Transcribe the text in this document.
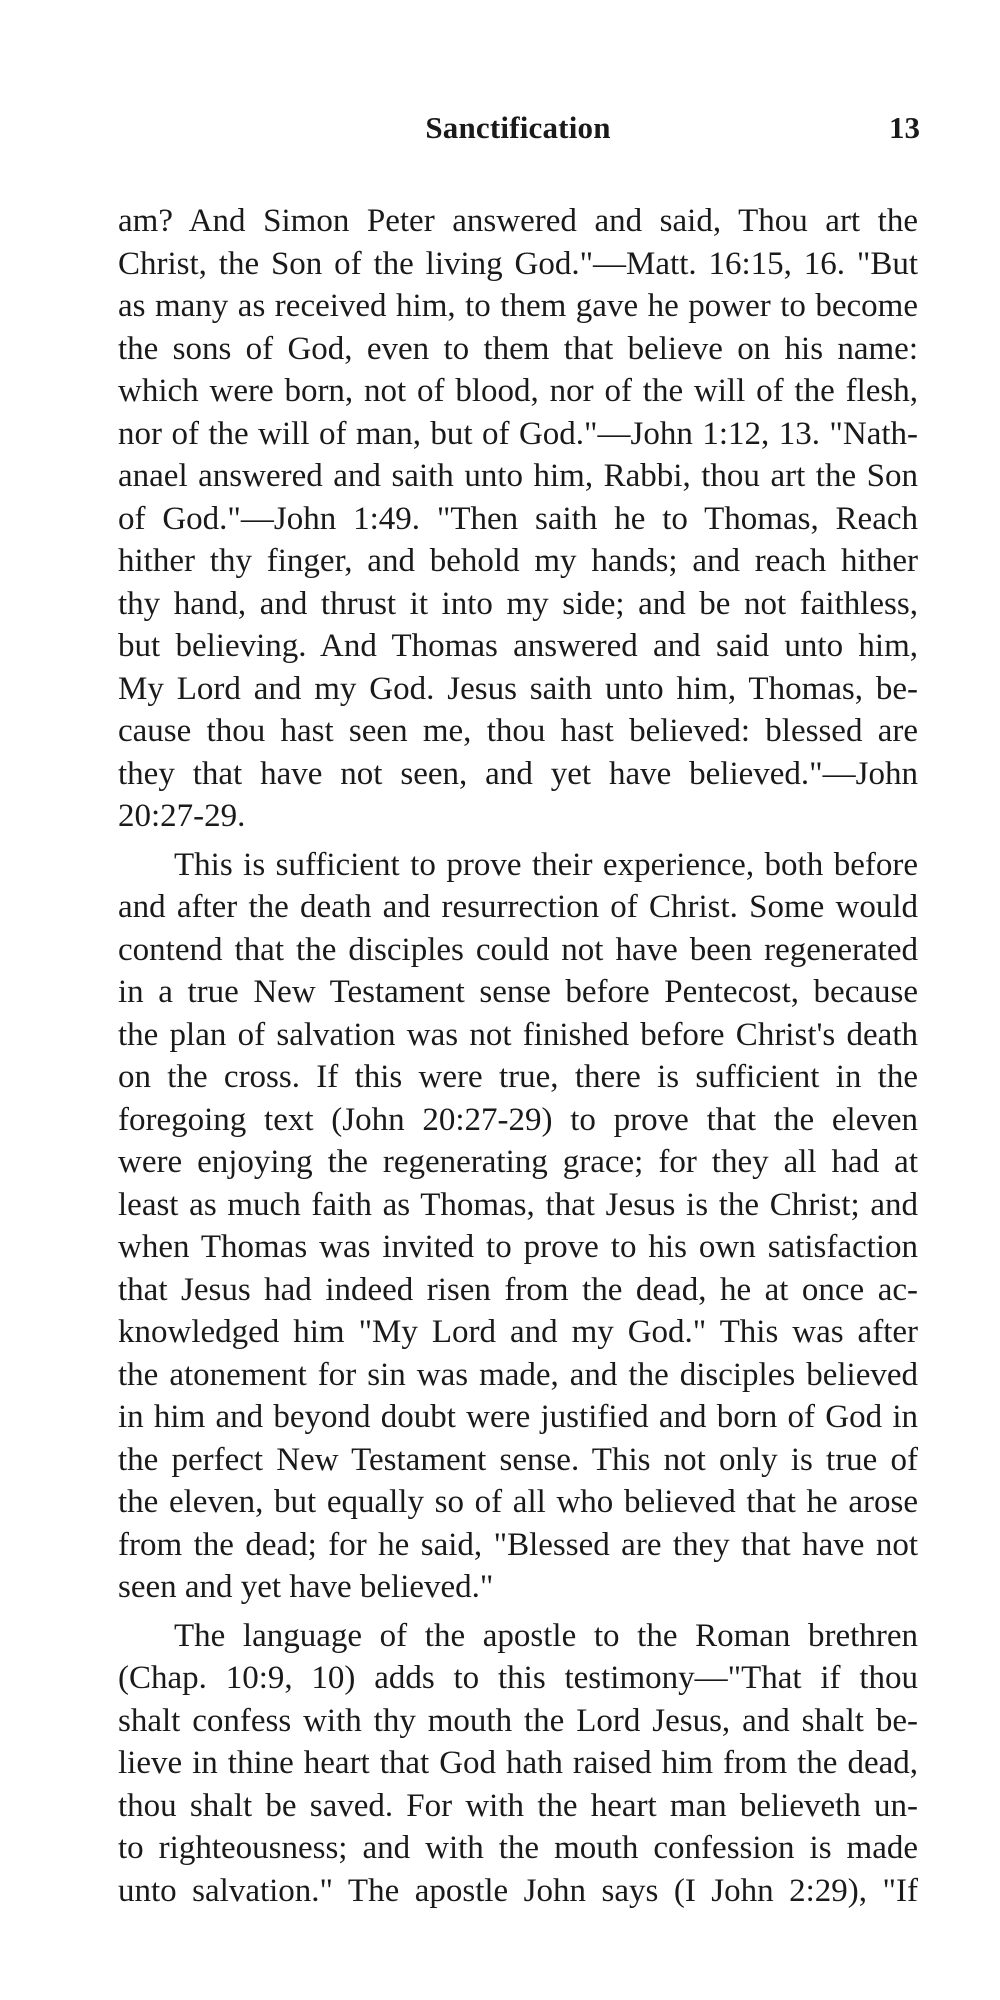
Sanctification	13
am? And Simon Peter answered and said, Thou art the
Christ, the Son of the living God."—Matt. 16:15, 16. "But
as many as received him, to them gave he power to become
the sons of God, even to them that believe on his name:
which were born, not of blood, nor of the will of the flesh,
nor of the will of man, but of God."—John 1:12, 13. "Nath-
anael answered and saith unto him, Rabbi, thou art the Son
of God."—John 1:49. "Then saith he to Thomas, Reach
hither thy finger, and behold my hands; and reach hither
thy hand, and thrust it into my side; and be not faithless,
but believing. And Thomas answered and said unto him,
My Lord and my God. Jesus saith unto him, Thomas, be-
cause thou hast seen me, thou hast believed: blessed are
they that have not seen, and yet have believed."—John
20:27-29.
This is sufficient to prove their experience, both before
and after the death and resurrection of Christ. Some would
contend that the disciples could not have been regenerated
in a true New Testament sense before Pentecost, because
the plan of salvation was not finished before Christ's death
on the cross. If this were true, there is sufficient in the
foregoing text (John 20:27-29) to prove that the eleven
were enjoying the regenerating grace; for they all had at
least as much faith as Thomas, that Jesus is the Christ; and
when Thomas was invited to prove to his own satisfaction
that Jesus had indeed risen from the dead, he at once ac-
knowledged him "My Lord and my God." This was after
the atonement for sin was made, and the disciples believed
in him and beyond doubt were justified and born of God in
the perfect New Testament sense. This not only is true of
the eleven, but equally so of all who believed that he arose
from the dead; for he said, "Blessed are they that have not
seen and yet have believed."
The language of the apostle to the Roman brethren
(Chap. 10:9, 10) adds to this testimony—"That if thou
shalt confess with thy mouth the Lord Jesus, and shalt be-
lieve in thine heart that God hath raised him from the dead,
thou shalt be saved. For with the heart man believeth un-
to righteousness; and with the mouth confession is made
unto salvation." The apostle John says (I John 2:29), "If
